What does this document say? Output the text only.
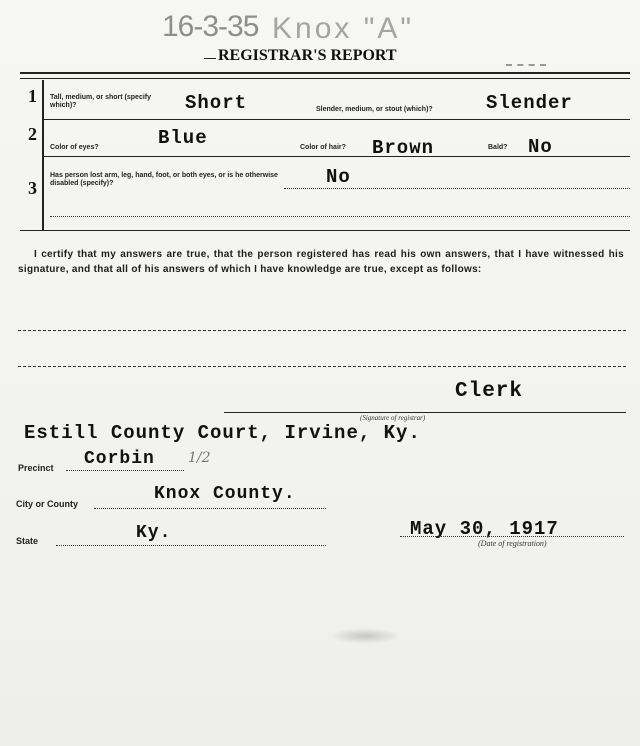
16-3-35 Knox "A"
REGISTRAR'S REPORT
1 Tall, medium, or short (specify which)?	Short	Slender, medium, or stout (which)?	Slender
2
Color of eyes?	Blue	Color of hair? Brown	Bald? No
3
Has person lost arm, leg, hand, foot, or both eyes, or is he otherwise disabled (specify)?	No
I certify that my answers are true, that the person registered has read his own answers, that I have witnessed his signature, and that all of his answers of which I have knowledge are true, except as follows:
Clerk
(Signature of registrar)
Estill County Court, Irvine, Ky.
Precinct Corbin 1/2
City or County	Knox County.
State	Ky.	May 30, 1917
(Date of registration)
